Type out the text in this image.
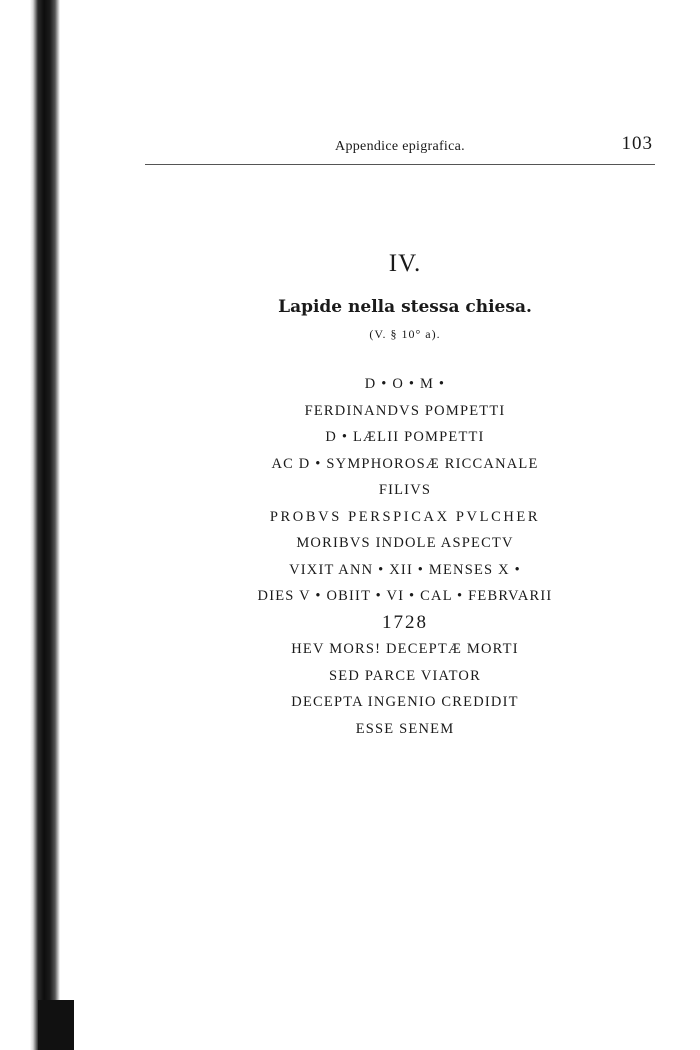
Appendice epigrafica.	103
IV.
Lapide nella stessa chiesa.
(V. § 10° a).
D • O • M •
FERDINANDVS POMPETTI
D • LÆLII POMPETTI
AC D • SYMPHOROSÆ RICCANALE
FILIVS
PROBVS PERSPICAX PVLCHER
MORIBVS INDOLE ASPECTV
VIXIT ANN • XII • MENSES X •
DIES V • OBIIT • VI • CAL • FEBRVARII
1728
HEV MORS! DECEPTÆ MORTI
SED PARCE VIATOR
DECEPTA INGENIO CREDIDIT
ESSE SENEM
